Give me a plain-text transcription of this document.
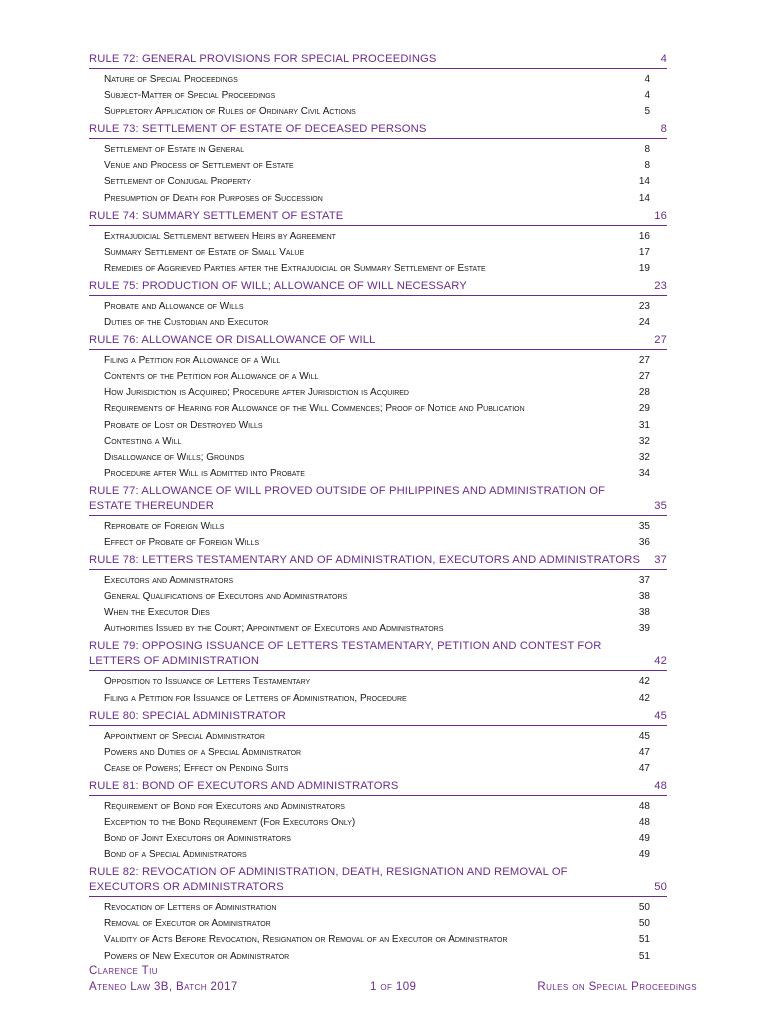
RULE 72: GENERAL PROVISIONS FOR SPECIAL PROCEEDINGS	4
Nature of Special Proceedings	4
Subject-Matter of Special Proceedings	4
Suppletory Application of Rules of Ordinary Civil Actions	5
RULE 73: SETTLEMENT OF ESTATE OF DECEASED PERSONS	8
Settlement of Estate in General	8
Venue and Process of Settlement of Estate	8
Settlement of Conjugal Property	14
Presumption of Death for Purposes of Succession	14
RULE 74: SUMMARY SETTLEMENT OF ESTATE	16
Extrajudicial Settlement between Heirs by Agreement	16
Summary Settlement of Estate of Small Value	17
Remedies of Aggrieved Parties after the Extrajudicial or Summary Settlement of Estate	19
RULE 75: PRODUCTION OF WILL; ALLOWANCE OF WILL NECESSARY	23
Probate and Allowance of Wills	23
Duties of the Custodian and Executor	24
RULE 76: ALLOWANCE OR DISALLOWANCE OF WILL	27
Filing a Petition for Allowance of a Will	27
Contents of the Petition for Allowance of a Will	27
How Jurisdiction is Acquired; Procedure after Jurisdiction is Acquired	28
Requirements of Hearing for Allowance of the Will Commences; Proof of Notice and Publication	29
Probate of Lost or Destroyed Wills	31
Contesting a Will	32
Disallowance of Wills; Grounds	32
Procedure after Will is Admitted into Probate	34
RULE 77: ALLOWANCE OF WILL PROVED OUTSIDE OF PHILIPPINES AND ADMINISTRATION OF ESTATE THEREUNDER	35
Reprobate of Foreign Wills	35
Effect of Probate of Foreign Wills	36
RULE 78: LETTERS TESTAMENTARY AND OF ADMINISTRATION, EXECUTORS AND ADMINISTRATORS	37
Executors and Administrators	37
General Qualifications of Executors and Administrators	38
When the Executor Dies	38
Authorities Issued by the Court; Appointment of Executors and Administrators	39
RULE 79: OPPOSING ISSUANCE OF LETTERS TESTAMENTARY, PETITION AND CONTEST FOR LETTERS OF ADMINISTRATION	42
Opposition to Issuance of Letters Testamentary	42
Filing a Petition for Issuance of Letters of Administration, Procedure	42
RULE 80: SPECIAL ADMINISTRATOR	45
Appointment of Special Administrator	45
Powers and Duties of a Special Administrator	47
Cease of Powers; Effect on Pending Suits	47
RULE 81: BOND OF EXECUTORS AND ADMINISTRATORS	48
Requirement of Bond for Executors and Administrators	48
Exception to the Bond Requirement (For Executors Only)	48
Bond of Joint Executors or Administrators	49
Bond of a Special Administrators	49
RULE 82: REVOCATION OF ADMINISTRATION, DEATH, RESIGNATION AND REMOVAL OF EXECUTORS OR ADMINISTRATORS	50
Revocation of Letters of Administration	50
Removal of Executor or Administrator	50
Validity of Acts Before Revocation, Resignation or Removal of an Executor or Administrator	51
Powers of New Executor or Administrator	51
Clarence Tiu
Ateneo Law 3B, Batch 2017	1 of 109	Rules on Special Proceedings
